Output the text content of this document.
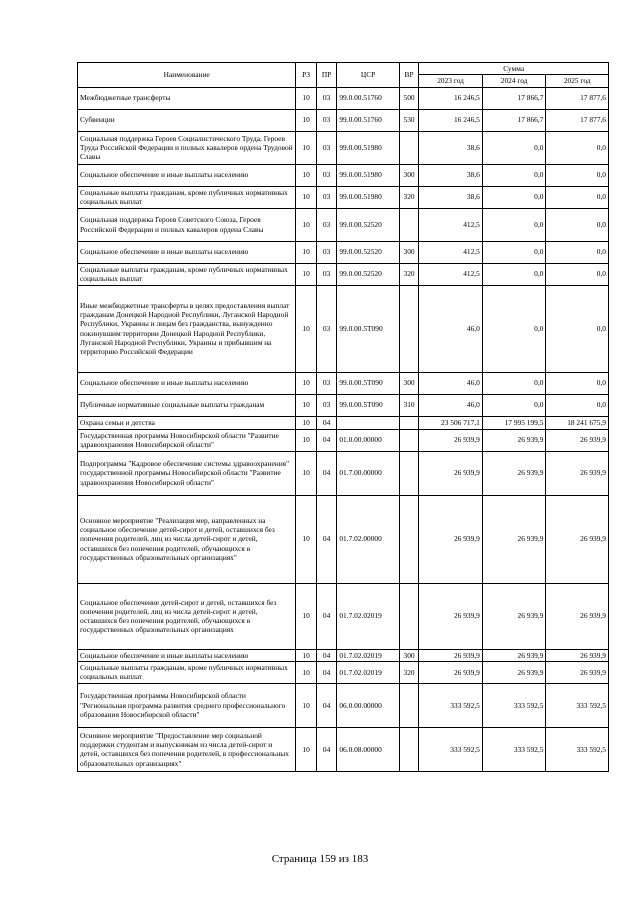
Наименование	РЗ	ПР	ЦСР	ВР	Сумма		
					2023 год	2024 год	2025 год
Межбюджетные трансферты	10	03	99.0.00.51760	500	16 246,5	17 866,7	17 877,6
Субвенции	10	03	99.0.00.51760	530	16 246,5	17 866,7	17 877,6
Социальная поддержка Героев Социалистического Труда, Героев Труда Российской Федерации и полных кавалеров ордена Трудовой Славы	10	03	99.0.00.51980		38,6	0,0	0,0
Социальное обеспечение и иные выплаты населению	10	03	99.0.00.51980	300	38,6	0,0	0,0
Социальные выплаты гражданам, кроме публичных нормативных социальных выплат	10	03	99.0.00.51980	320	38,6	0,0	0,0
Социальная поддержка Героев Советского Союза, Героев Российской Федерации и полных кавалеров ордена Славы	10	03	99.0.00.52520		412,5	0,0	0,0
Социальное обеспечение и иные выплаты населению	10	03	99.0.00.52520	300	412,5	0,0	0,0
Социальные выплаты гражданам, кроме публичных нормативных социальных выплат	10	03	99.0.00.52520	320	412,5	0,0	0,0
Иные межбюджетные трансферты в целях предоставления выплат гражданам Донецкой Народной Республики, Луганской Народной Республики, Украины и лицам без гражданства, вынужденно покинувшим территории Донецкой Народной Республики, Луганской Народной Республики, Украины и прибывшим на территорию Российской Федерации	10	03	99.0.00.5Т090		46,0	0,0	0,0
Социальное обеспечение и иные выплаты населению	10	03	99.0.00.5Т090	300	46,0	0,0	0,0
Публичные нормативные социальные выплаты гражданам	10	03	99.0.00.5Т090	310	46,0	0,0	0,0
Охрана семьи и детства	10	04			23 506 717,1	17 995 199,5	18 241 675,9
Государственная программа Новосибирской области "Развитие здравоохранения Новосибирской области"	10	04	01.0.00.00000		26 939,9	26 939,9	26 939,9
Подпрограмма "Кадровое обеспечение системы здравоохранения" государственной программы Новосибирской области "Развитие здравоохранения Новосибирской области"	10	04	01.7.00.00000		26 939,9	26 939,9	26 939,9
Основное мероприятие "Реализация мер, направленных на социальное обеспечение детей-сирот и детей, оставшихся без попечения родителей, лиц из числа детей-сирот и детей, оставшихся без попечения родителей, обучающихся в государственных образовательных организациях"	10	04	01.7.02.00000		26 939,9	26 939,9	26 939,9
Социальное обеспечение детей-сирот и детей, оставшихся без попечения родителей, лиц из числа детей-сирот и детей, оставшихся без попечения родителей, обучающихся в государственных образовательных организациях	10	04	01.7.02.02019		26 939,9	26 939,9	26 939,9
Социальное обеспечение и иные выплаты населению	10	04	01.7.02.02019	300	26 939,9	26 939,9	26 939,9
Социальные выплаты гражданам, кроме публичных нормативных социальных выплат	10	04	01.7.02.02019	320	26 939,9	26 939,9	26 939,9
Государственная программа Новосибирской области "Региональная программа развития среднего профессионального образования Новосибирской области"	10	04	06.0.00.00000		333 592,5	333 592,5	333 592,5
Основное мероприятие "Предоставление мер социальной поддержки студентам и выпускникам из числа детей-сирот и детей, оставшихся без попечения родителей, в профессиональных образовательных организациях"	10	04	06.0.08.00000		333 592,5	333 592,5	333 592,5
Страница 159 из 183
